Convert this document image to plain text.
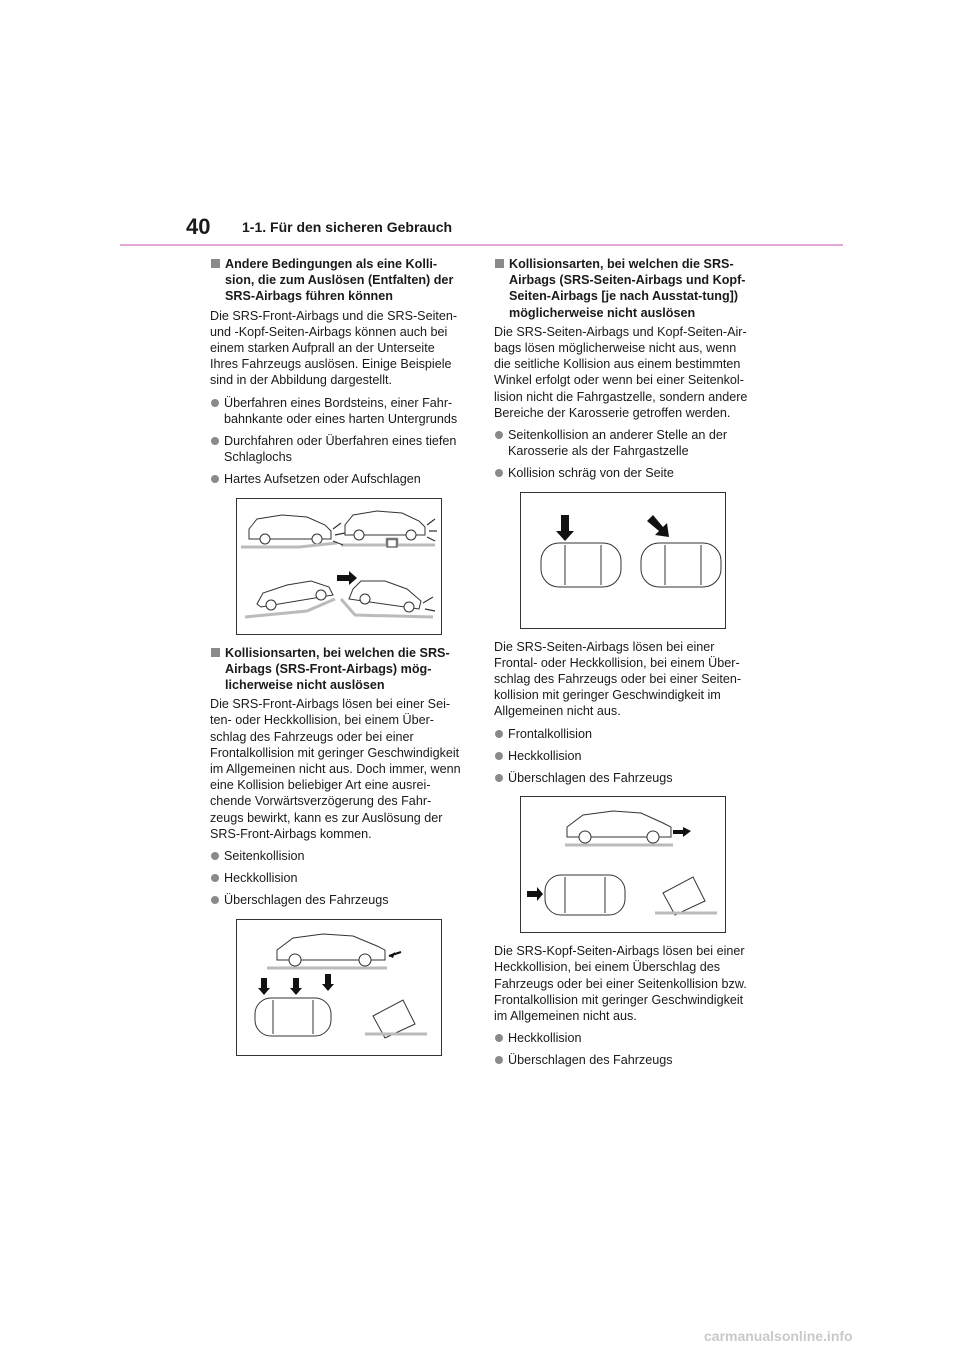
40 1-1. Für den sicheren Gebrauch
Andere Bedingungen als eine Kolli-sion, die zum Auslösen (Entfalten) der SRS-Airbags führen können
Die SRS-Front-Airbags und die SRS-Seiten- und -Kopf-Seiten-Airbags können auch bei einem starken Aufprall an der Unterseite Ihres Fahrzeugs auslösen. Einige Beispiele sind in der Abbildung dargestellt.
Überfahren eines Bordsteins, einer Fahr-bahnkante oder eines harten Untergrunds
Durchfahren oder Überfahren eines tiefen Schlaglochs
Hartes Aufsetzen oder Aufschlagen
Kollisionsarten, bei welchen die SRS-Airbags (SRS-Front-Airbags) mög-licherweise nicht auslösen
Die SRS-Front-Airbags lösen bei einer Sei-ten- oder Heckkollision, bei einem Über-schlag des Fahrzeugs oder bei einer Frontalkollision mit geringer Geschwindigkeit im Allgemeinen nicht aus. Doch immer, wenn eine Kollision beliebiger Art eine ausrei-chende Vorwärtsverzögerung des Fahr-zeugs bewirkt, kann es zur Auslösung der SRS-Front-Airbags kommen.
Seitenkollision
Heckkollision
Überschlagen des Fahrzeugs
Kollisionsarten, bei welchen die SRS-Airbags (SRS-Seiten-Airbags und Kopf-Seiten-Airbags [je nach Ausstat-tung]) möglicherweise nicht auslösen
Die SRS-Seiten-Airbags und Kopf-Seiten-Air-bags lösen möglicherweise nicht aus, wenn die seitliche Kollision aus einem bestimmten Winkel erfolgt oder wenn bei einer Seitenkol-lision nicht die Fahrgastzelle, sondern andere Bereiche der Karosserie getroffen werden.
Seitenkollision an anderer Stelle an der Karosserie als der Fahrgastzelle
Kollision schräg von der Seite
Die SRS-Seiten-Airbags lösen bei einer Frontal- oder Heckkollision, bei einem Über-schlag des Fahrzeugs oder bei einer Seiten-kollision mit geringer Geschwindigkeit im Allgemeinen nicht aus.
Frontalkollision
Heckkollision
Überschlagen des Fahrzeugs
Die SRS-Kopf-Seiten-Airbags lösen bei einer Heckkollision, bei einem Überschlag des Fahrzeugs oder bei einer Seitenkollision bzw. Frontalkollision mit geringer Geschwindigkeit im Allgemeinen nicht aus.
Heckkollision
Überschlagen des Fahrzeugs
carmanualsonline.info
